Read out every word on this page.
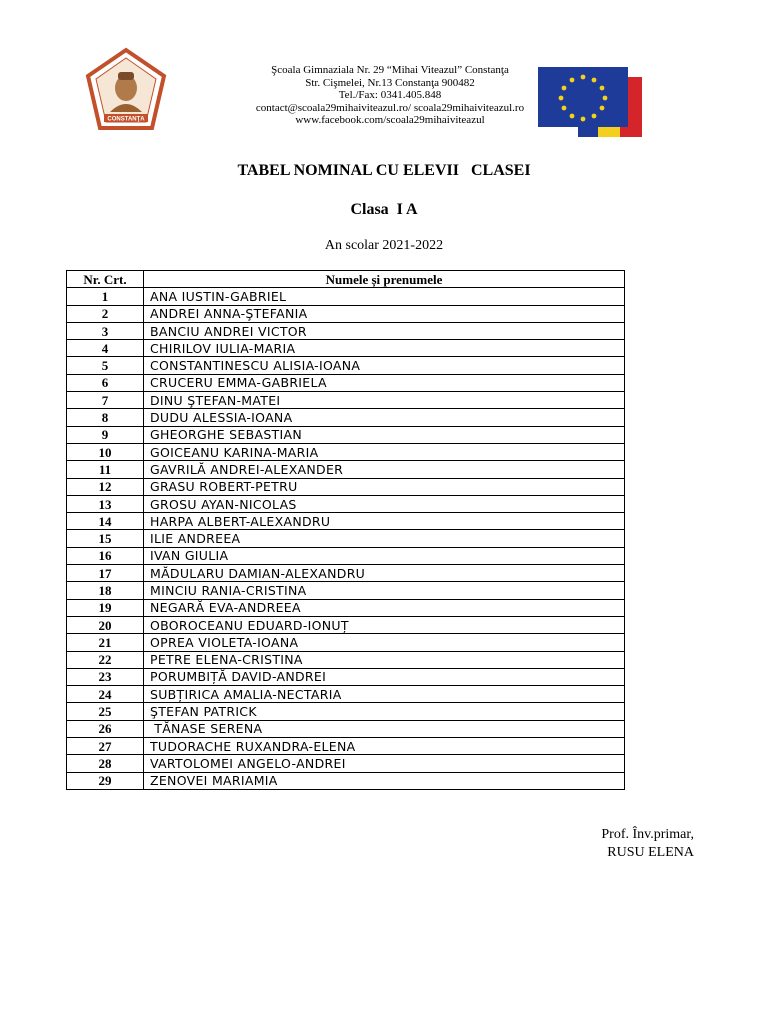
CONSTANŢA
Şcoala Gimnaziala Nr. 29 “Mihai Viteazul” Constanţa
Str. Cişmelei, Nr.13 Constanţa 900482
Tel./Fax: 0341.405.848
contact@scoala29mihaiviteazul.ro/ scoala29mihaiviteazul.ro
www.facebook.com/scoala29mihaiviteazul
TABEL NOMINAL CU ELEVII   CLASEI
Clasa  I A
An scolar 2021-2022
Nr. Crt.	Numele și prenumele
1	ANA IUSTIN-GABRIEL
2	ANDREI ANNA-ŞTEFANIA
3	BANCIU ANDREI VICTOR
4	CHIRILOV IULIA-MARIA
5	CONSTANTINESCU ALISIA-IOANA
6	CRUCERU EMMA-GABRIELA
7	DINU ŞTEFAN-MATEI
8	DUDU ALESSIA-IOANA
9	GHEORGHE SEBASTIAN
10	GOICEANU KARINA-MARIA
11	GAVRILĂ ANDREI-ALEXANDER
12	GRASU ROBERT-PETRU
13	GROSU AYAN-NICOLAS
14	HARPA ALBERT-ALEXANDRU
15	ILIE ANDREEA
16	IVAN GIULIA
17	MĂDULARU DAMIAN-ALEXANDRU
18	MINCIU RANIA-CRISTINA
19	NEGARĂ EVA-ANDREEA
20	OBOROCEANU EDUARD-IONUȚ
21	OPREA VIOLETA-IOANA
22	PETRE ELENA-CRISTINA
23	PORUMBIȚĂ DAVID-ANDREI
24	SUBȚIRICA AMALIA-NECTARIA
25	ŞTEFAN PATRICK
26	TĂNASE SERENA
27	TUDORACHE RUXANDRA-ELENA
28	VARTOLOMEI ANGELO-ANDREI
29	ZENOVEI MARIAMIA
Prof. Înv.primar,
RUSU ELENA
